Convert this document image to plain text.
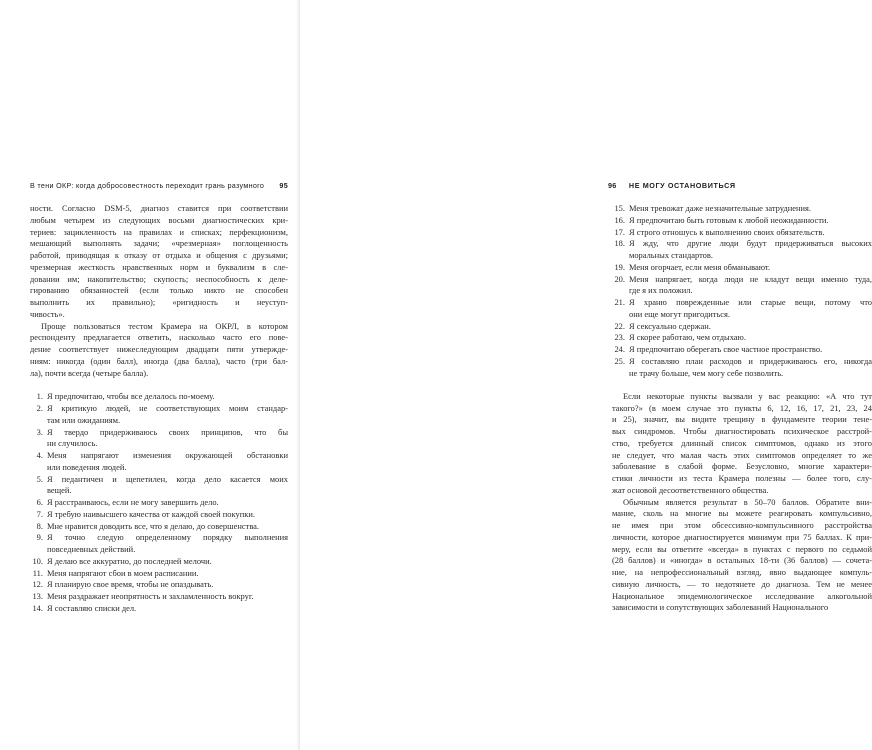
В тени ОКР: когда добросовестность переходит грань разумного 95
ности. Согласно DSM-5, диагноз ставится при соответствии
любым четырем из следующих восьми диагностических кри-
териев: зацикленность на правилах и списках; перфекционизм,
мешающий выполнять задачи; «чрезмерная» поглощенность
работой, приводящая к отказу от отдыха и общения с друзьями;
чрезмерная жесткость нравственных норм и буквализм в сле-
довании им; накопительство; скупость; неспособность к деле-
гированию обязанностей (если только никто не способен
выполнить их правильно); «ригидность и неуступ-
чивость».
Проще пользоваться тестом Крамера на ОКРЛ, в котором
респонденту предлагается ответить, насколько часто его пове-
дение соответствует нижеследующим двадцати пяти утвержде-
ниям: никогда (один балл), иногда (два балла), часто (три бал-
ла), почти всегда (четыре балла).
1. Я предпочитаю, чтобы все делалось по-моему.
2. Я критикую людей, не соответствующих моим стандар-
там или ожиданиям.
3. Я твердо придерживаюсь своих принципов, что бы
ни случилось.
4. Меня напрягают изменения окружающей обстановки
или поведения людей.
5. Я педантичен и щепетилен, когда дело касается моих
вещей.
6. Я расстраиваюсь, если не могу завершить дело.
7. Я требую наивысшего качества от каждой своей покупки.
8. Мне нравится доводить все, что я делаю, до совершенства.
9. Я точно следую определенному порядку выполнения
повседневных действий.
10. Я делаю все аккуратно, до последней мелочи.
11. Меня напрягают сбои в моем расписании.
12. Я планирую свое время, чтобы не опаздывать.
13. Меня раздражает неопрятность и захламленность вокруг.
14. Я составляю списки дел.
96 НЕ МОГУ ОСТАНОВИТЬСЯ
15. Меня тревожат даже незначительные затруднения.
16. Я предпочитаю быть готовым к любой неожиданности.
17. Я строго отношусь к выполнению своих обязательств.
18. Я жду, что другие люди будут придерживаться высоких
моральных стандартов.
19. Меня огорчает, если меня обманывают.
20. Меня напрягает, когда люди не кладут вещи именно туда,
где я их положил.
21. Я храню поврежденные или старые вещи, потому что
они еще могут пригодиться.
22. Я сексуально сдержан.
23. Я скорее работаю, чем отдыхаю.
24. Я предпочитаю оберегать свое частное пространство.
25. Я составляю план расходов и придерживаюсь его, никогда
не трачу больше, чем могу себе позволить.
Если некоторые пункты вызвали у вас реакцию: «А что тут
такого?» (в моем случае это пункты 6, 12, 16, 17, 21, 23, 24
и 25), значит, вы видите трещину в фундаменте теории тене-
вых синдромов. Чтобы диагностировать психическое расстрой-
ство, требуется длинный список симптомов, однако из этого
не следует, что малая часть этих симптомов определяет то же
заболевание в слабой форме. Безусловно, многие характери-
стики личности из теста Крамера полезны — более того, слу-
жат основой десоответственного общества.
Обычным является результат в 50–70 баллов. Обратите вни-
мание, сколь на многие вы можете реагировать компульсивно,
не имея при этом обсессивно-компульсивного расстройства
личности, которое диагностируется минимум при 75 баллах. К при-
меру, если вы ответите «всегда» в пунктах с первого по седьмой
(28 баллов) и «иногда» в остальных 18-ти (36 баллов) — сочета-
ние, на непрофессиональный взгляд, явно выдающее компуль-
сивную личность, — то недотянете до диагноза. Тем не менее
Национальное эпидемиологическое исследование алкогольной
зависимости и сопутствующих заболеваний Национального
